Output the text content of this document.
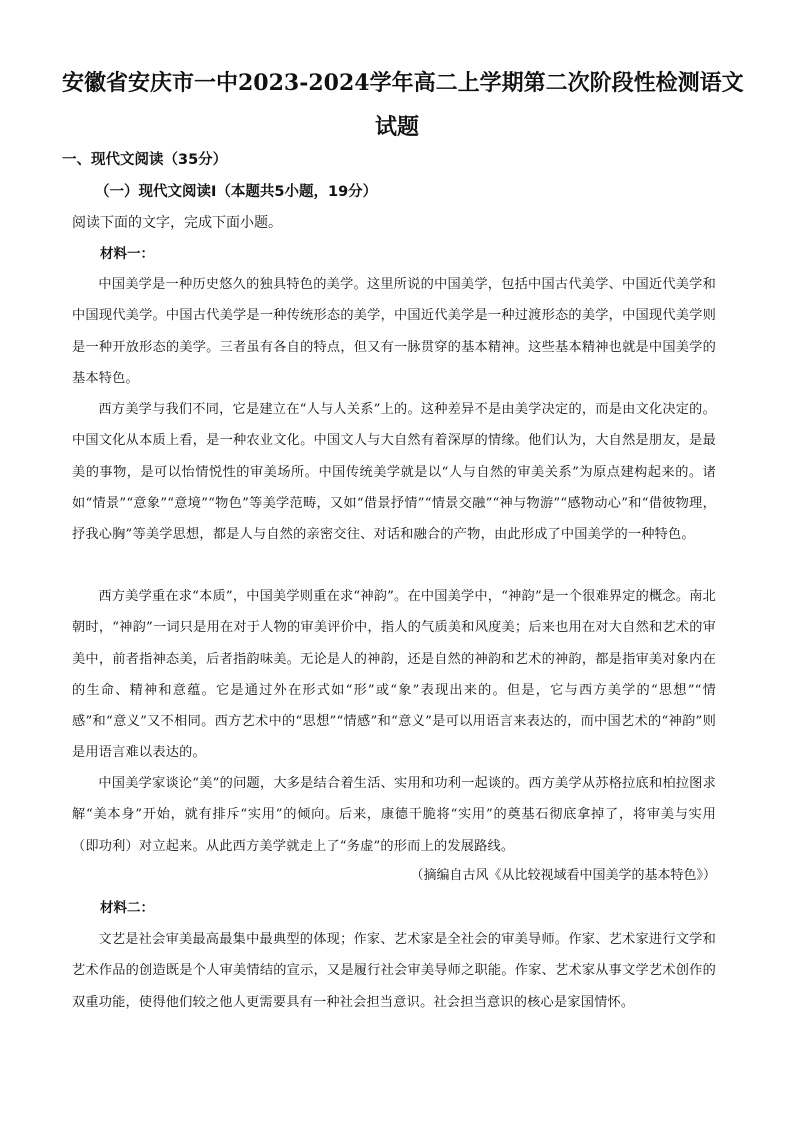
安徽省安庆市一中2023-2024学年高二上学期第二次阶段性检测语文
试题
一、现代文阅读（35分）
（一）现代文阅读Ⅰ（本题共5小题，19分）
阅读下面的文字，完成下面小题。
材料一：

中国美学是一种历史悠久的独具特色的美学。这里所说的中国美学，包括中国古代美学、中国近代美学和中国现代美学。中国古代美学是一种传统形态的美学，中国近代美学是一种过渡形态的美学，中国现代美学则是一种开放形态的美学。三者虽有各自的特点，但又有一脉贯穿的基本精神。这些基本精神也就是中国美学的基本特色。

西方美学与我们不同，它是建立在“人与人关系”上的。这种差异不是由美学决定的，而是由文化决定的。中国文化从本质上看，是一种农业文化。中国文人与大自然有着深厚的情缘。他们认为，大自然是朋友，是最美的事物，是可以怡情悦性的审美场所。中国传统美学就是以“人与自然的审美关系”为原点建构起来的。诸如“情景”“意象”“意境”“物色”等美学范畴，又如“借景抒情”“情景交融”“神与物游”“感物动心”和“借彼物理，抒我心胸”等美学思想，都是人与自然的亲密交往、对话和融合的产物，由此形成了中国美学的一种特色。

西方美学重在求“本质”，中国美学则重在求“神韵”。在中国美学中，“神韵”是一个很难界定的概念。南北朝时，“神韵”一词只是用在对于人物的审美评价中，指人的气质美和风度美；后来也用在对大自然和艺术的审美中，前者指神态美，后者指韵味美。无论是人的神韵，还是自然的神韵和艺术的神韵，都是指审美对象内在的生命、精神和意蕴。它是通过外在形式如“形”或“象”表现出来的。但是，它与西方美学的“思想”“情感”和“意义”又不相同。西方艺术中的“思想”“情感”和“意义”是可以用语言来表达的，而中国艺术的“神韵”则是用语言难以表达的。

中国美学家谈论“美”的问题，大多是结合着生活、实用和功利一起谈的。西方美学从苏格拉底和柏拉图求解“美本身”开始，就有排斥“实用”的倾向。后来，康德干脆将“实用”的奠基石彻底拿掉了，将审美与实用（即功利）对立起来。从此西方美学就走上了“务虚”的形而上的发展路线。

（摘编自古风《从比较视域看中国美学的基本特色》）
材料二：

文艺是社会审美最高最集中最典型的体现；作家、艺术家是全社会的审美导师。作家、艺术家进行文学和艺术作品的创造既是个人审美情结的宣示，又是履行社会审美导师之职能。作家、艺术家从事文学艺术创作的双重功能，使得他们较之他人更需要具有一种社会担当意识。社会担当意识的核心是家国情怀。
